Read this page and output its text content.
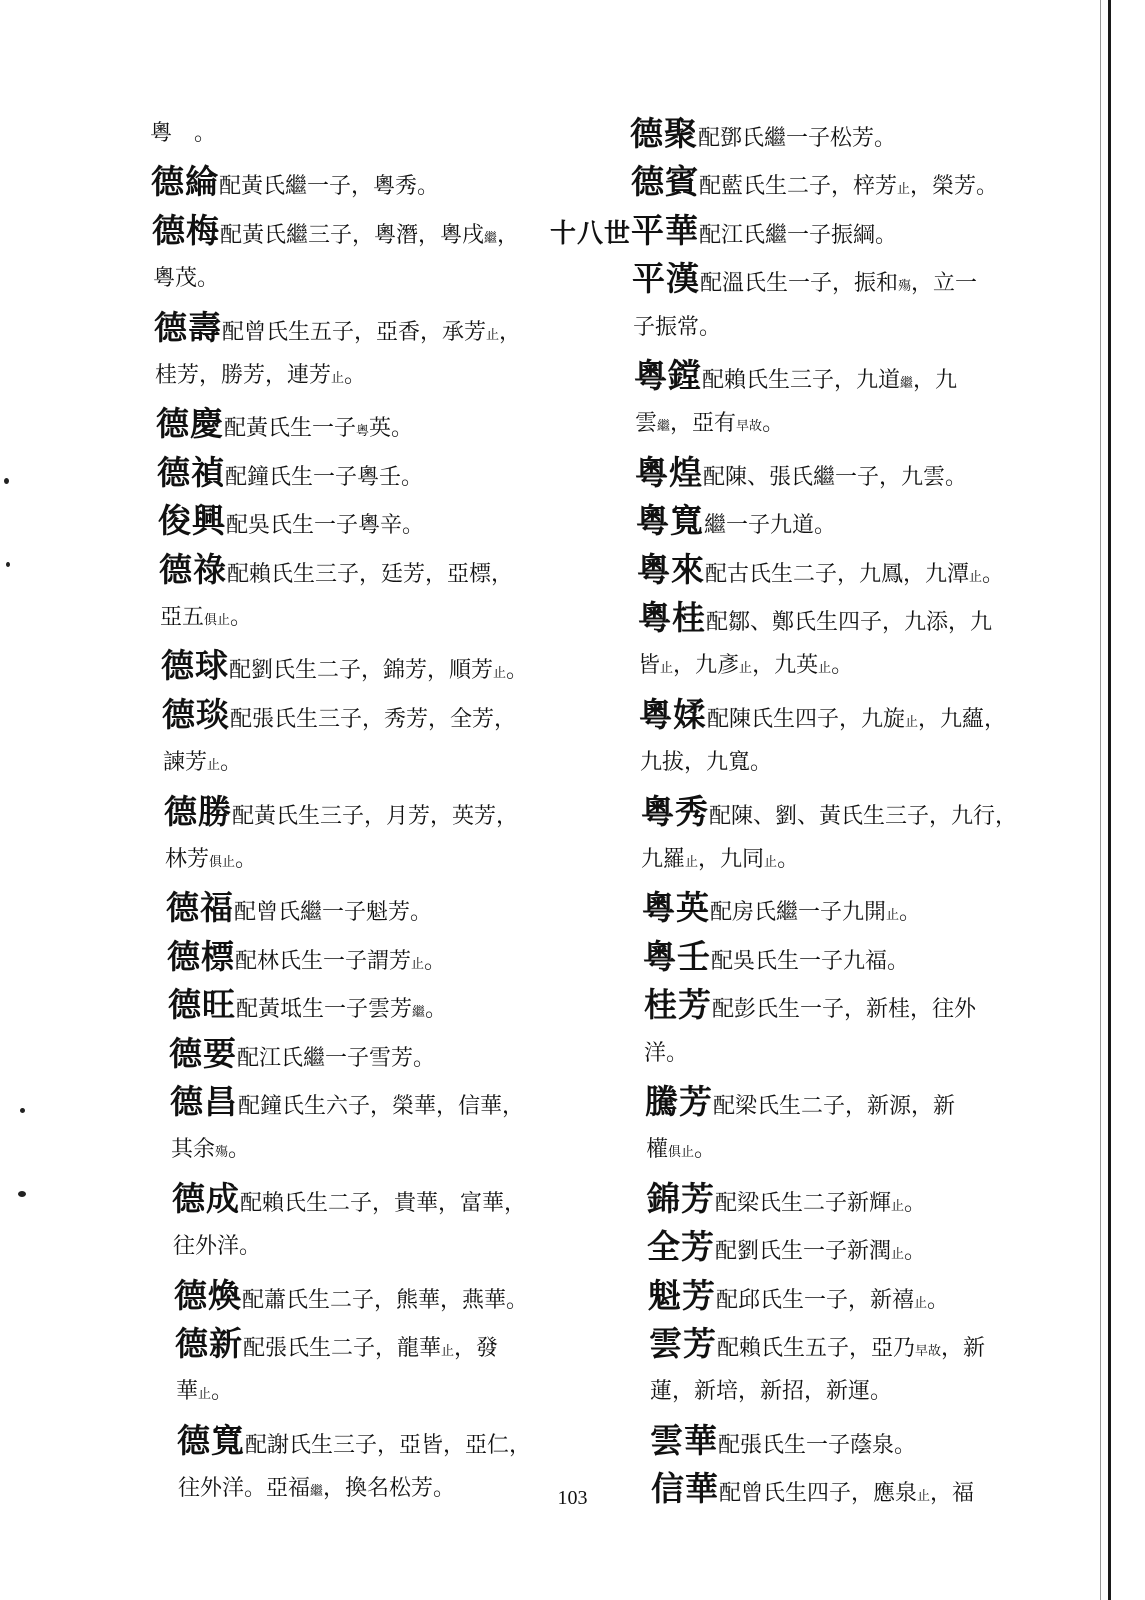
粵　。
德綸配黃氏繼一子，粵秀。
德梅配黃氏繼三子，粵潛，粵戌繼，
粵茂。
德壽配曾氏生五子，亞香，承芳止，
桂芳，勝芳，連芳止。
德慶配黃氏生一子粵英。
德禎配鐘氏生一子粵壬。
俊興配吳氏生一子粵辛。
德祿配賴氏生三子，廷芳，亞標，
亞五俱止。
德球配劉氏生二子，錦芳，順芳止。
德琰配張氏生三子，秀芳，全芳，
諫芳止。
德勝配黃氏生三子，月芳，英芳，
林芳俱止。
德福配曾氏繼一子魁芳。
德標配林氏生一子謂芳止。
德旺配黃坻生一子雲芳繼。
德要配江氏繼一子雪芳。
德昌配鐘氏生六子，榮華，信華，
其余殤。
德成配賴氏生二子，貴華，富華，
往外洋。
德煥配蕭氏生二子，熊華，燕華。
德新配張氏生二子，龍華止，發
華止。
德寬配謝氏生三子，亞皆，亞仁，
往外洋。亞福繼，換名松芳。
德聚配鄧氏繼一子松芳。
德賓配藍氏生二子，梓芳止，榮芳。
十八世平華配江氏繼一子振綱。
平漢配溫氏生一子，振和殤，立一
子振常。
粵鏜配賴氏生三子，九道繼，九
雲繼，亞有早故。
粵煌配陳、張氏繼一子，九雲。
粵寬繼一子九道。
粵來配古氏生二子，九鳳，九潭止。
粵桂配鄒、鄭氏生四子，九添，九
皆止，九彥止，九英止。
粵媃配陳氏生四子，九旋止，九蘊，
九拔，九寬。
粵秀配陳、劉、黃氏生三子，九行，
九羅止，九同止。
粵英配房氏繼一子九開止。
粵壬配吳氏生一子九福。
桂芳配彭氏生一子，新桂，往外
洋。
騰芳配梁氏生二子，新源，新
權俱止。
錦芳配梁氏生二子新輝止。
全芳配劉氏生一子新潤止。
魁芳配邱氏生一子，新禧止。
雲芳配賴氏生五子，亞乃早故，新
蓮，新培，新招，新運。
雲華配張氏生一子蔭泉。
信華配曾氏生四子，應泉止，福
103
